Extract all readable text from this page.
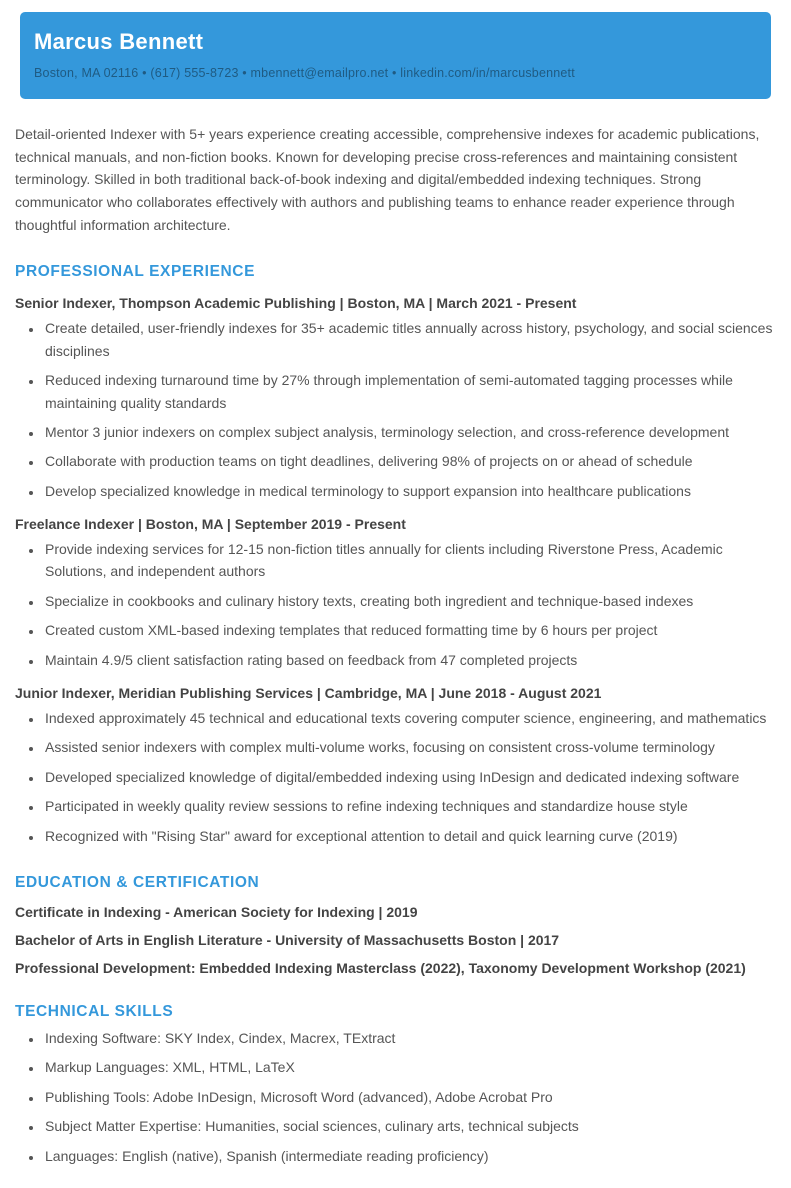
Marcus Bennett
Boston, MA 02116 • (617) 555-8723 • mbennett@emailpro.net • linkedin.com/in/marcusbennett

Detail-oriented Indexer with 5+ years experience creating accessible, comprehensive indexes for academic publications, technical manuals, and non-fiction books. Known for developing precise cross-references and maintaining consistent terminology. Skilled in both traditional back-of-book indexing and digital/embedded indexing techniques. Strong communicator who collaborates effectively with authors and publishing teams to enhance reader experience through thoughtful information architecture.

PROFESSIONAL EXPERIENCE
Senior Indexer, Thompson Academic Publishing | Boston, MA | March 2021 - Present
• Create detailed, user-friendly indexes for 35+ academic titles annually across history, psychology, and social sciences disciplines
• Reduced indexing turnaround time by 27% through implementation of semi-automated tagging processes while maintaining quality standards
• Mentor 3 junior indexers on complex subject analysis, terminology selection, and cross-reference development
• Collaborate with production teams on tight deadlines, delivering 98% of projects on or ahead of schedule
• Develop specialized knowledge in medical terminology to support expansion into healthcare publications
Freelance Indexer | Boston, MA | September 2019 - Present
• Provide indexing services for 12-15 non-fiction titles annually for clients including Riverstone Press, Academic Solutions, and independent authors
• Specialize in cookbooks and culinary history texts, creating both ingredient and technique-based indexes
• Created custom XML-based indexing templates that reduced formatting time by 6 hours per project
• Maintain 4.9/5 client satisfaction rating based on feedback from 47 completed projects
Junior Indexer, Meridian Publishing Services | Cambridge, MA | June 2018 - August 2021
• Indexed approximately 45 technical and educational texts covering computer science, engineering, and mathematics
• Assisted senior indexers with complex multi-volume works, focusing on consistent cross-volume terminology
• Developed specialized knowledge of digital/embedded indexing using InDesign and dedicated indexing software
• Participated in weekly quality review sessions to refine indexing techniques and standardize house style
• Recognized with "Rising Star" award for exceptional attention to detail and quick learning curve (2019)
EDUCATION & CERTIFICATION
Certificate in Indexing - American Society for Indexing | 2019
Bachelor of Arts in English Literature - University of Massachusetts Boston | 2017
Professional Development: Embedded Indexing Masterclass (2022), Taxonomy Development Workshop (2021)
TECHNICAL SKILLS
• Indexing Software: SKY Index, Cindex, Macrex, TExtract
• Markup Languages: XML, HTML, LaTeX
• Publishing Tools: Adobe InDesign, Microsoft Word (advanced), Adobe Acrobat Pro
• Subject Matter Expertise: Humanities, social sciences, culinary arts, technical subjects
• Languages: English (native), Spanish (intermediate reading proficiency)
